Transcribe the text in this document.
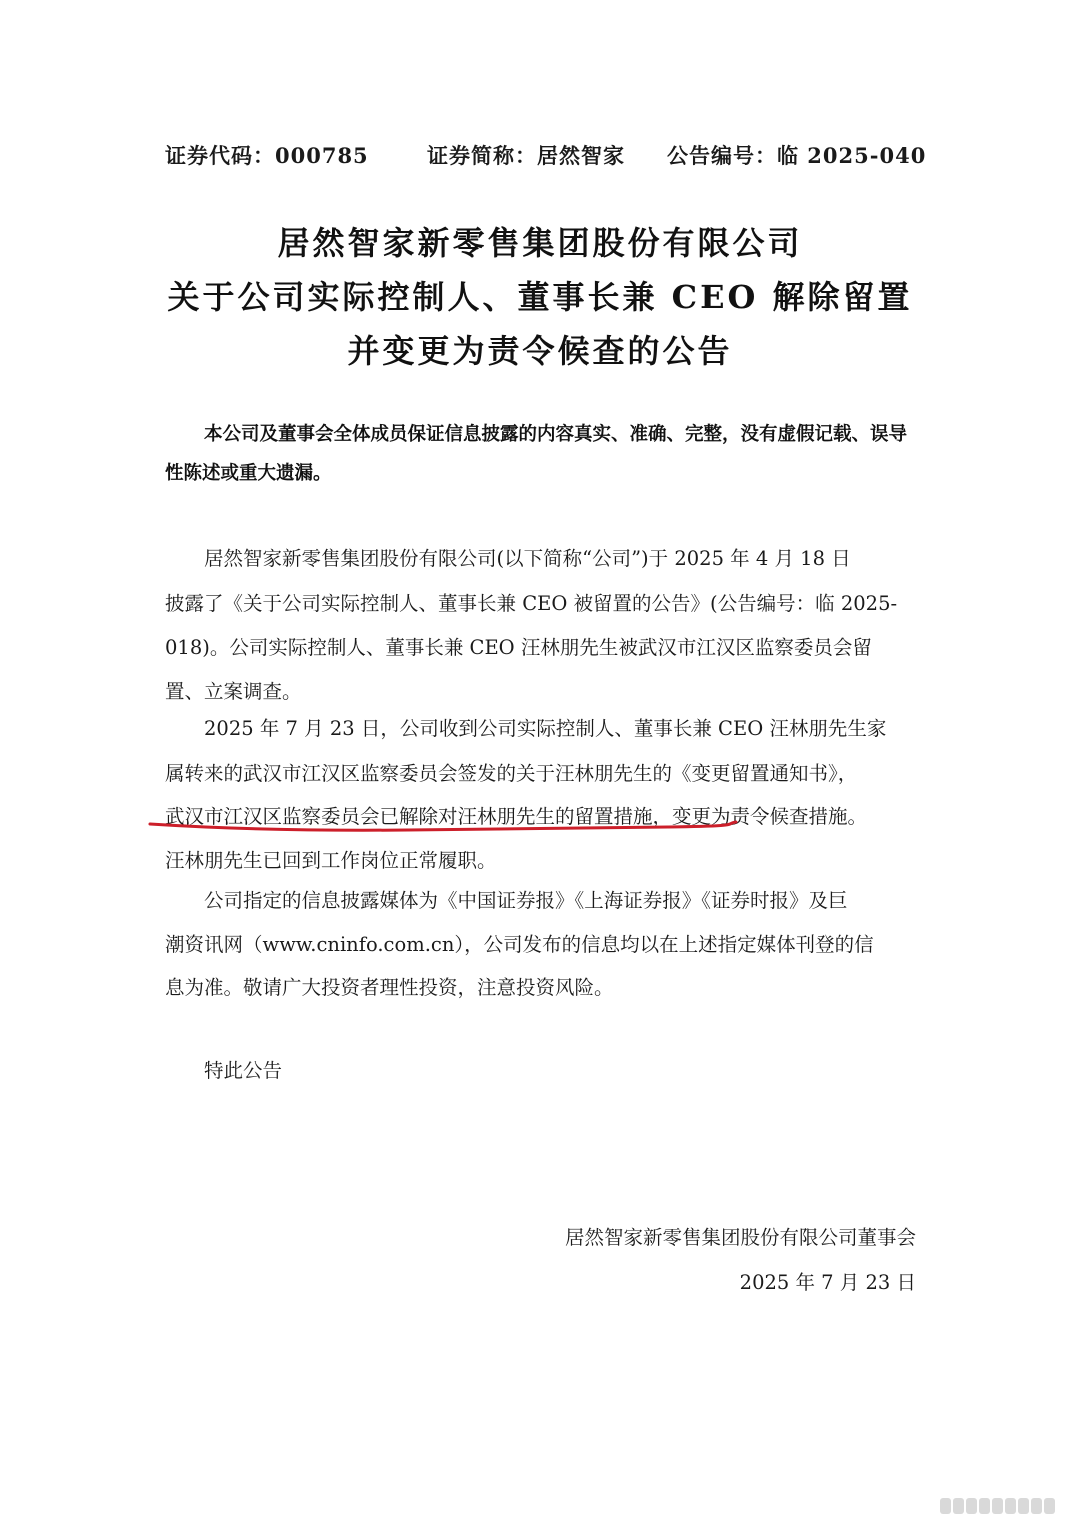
证券代码：000785	证券简称：居然智家 公告编号：临 2025-040
居然智家新零售集团股份有限公司
关于公司实际控制人、董事长兼 CEO 解除留置
并变更为责令候查的公告
本公司及董事会全体成员保证信息披露的内容真实、准确、完整，没有虚假记载、误导
性陈述或重大遗漏。
　　居然智家新零售集团股份有限公司(以下简称“公司”)于 2025 年 4 月 18 日
披露了《关于公司实际控制人、董事长兼 CEO 被留置的公告》(公告编号：临 2025-
018)。公司实际控制人、董事长兼 CEO 汪林朋先生被武汉市江汉区监察委员会留
置、立案调查。
　　2025 年 7 月 23 日，公司收到公司实际控制人、董事长兼 CEO 汪林朋先生家
属转来的武汉市江汉区监察委员会签发的关于汪林朋先生的《变更留置通知书》，
武汉市江汉区监察委员会已解除对汪林朋先生的留置措施，变更为责令候查措施。
汪林朋先生已回到工作岗位正常履职。
　　公司指定的信息披露媒体为《中国证券报》《上海证券报》《证券时报》及巨
潮资讯网（www.cninfo.com.cn），公司发布的信息均以在上述指定媒体刊登的信
息为准。敬请广大投资者理性投资，注意投资风险。
　　特此公告
居然智家新零售集团股份有限公司董事会
2025 年 7 月 23 日
